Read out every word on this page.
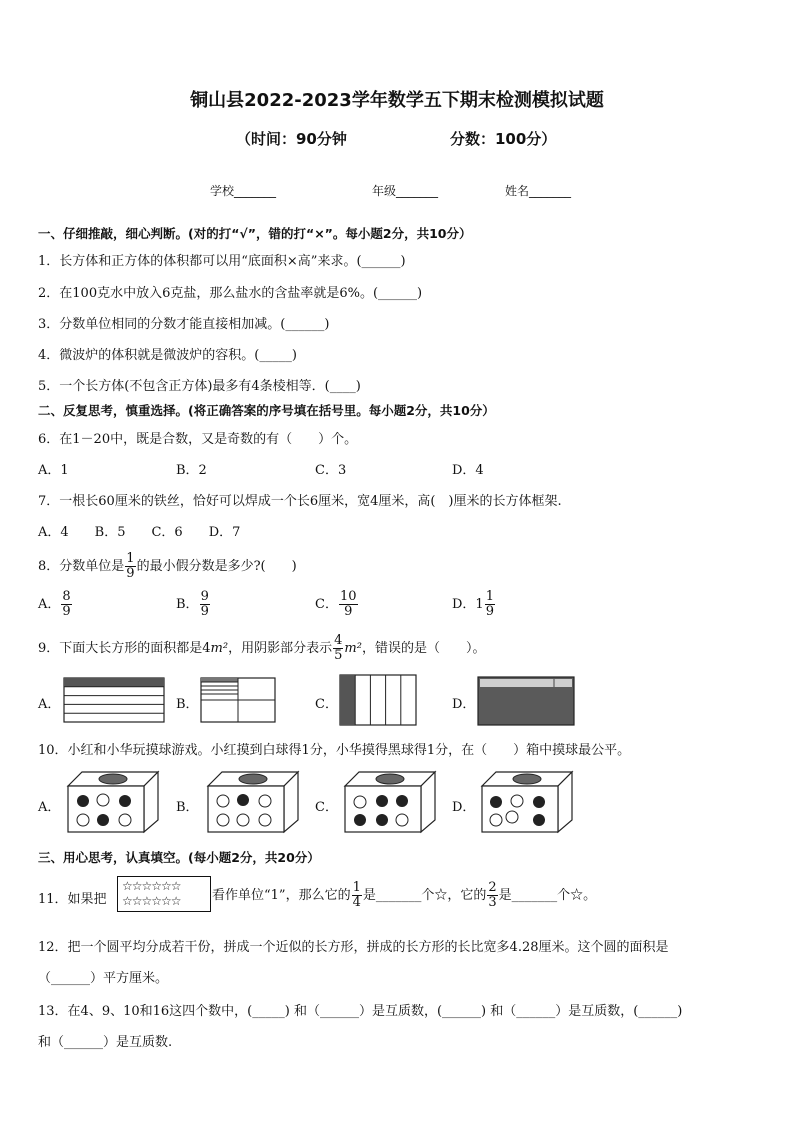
铜山县2022-2023学年数学五下期末检测模拟试题
（时间：90分钟	分数：100分）
学校_______	年级_______	姓名_______
一、仔细推敲，细心判断。(对的打“√”，错的打“×”。每小题2分，共10分）
1．长方体和正方体的体积都可以用“底面积×高”来求。(______)
2．在100克水中放入6克盐，那么盐水的含盐率就是6%。(______)
3．分数单位相同的分数才能直接相加减。(______)
4．微波炉的体积就是微波炉的容积。(_____)
5．一个长方体(不包含正方体)最多有4条棱相等．(____)
二、反复思考，慎重选择。(将正确答案的序号填在括号里。每小题2分，共10分）
6．在1－20中，既是合数，又是奇数的有（　　）个。
A．1	B．2	C．3	D．4
7．一根长60厘米的铁丝，恰好可以焊成一个长6厘米，宽4厘米，高(　)厘米的长方体框架.
A．4　　B．5　　C．6　　D．7
8．分数单位是 $\frac{1}{9}$ 的最小假分数是多少?(　　)
A． $\frac{8}{9}$	B． $\frac{9}{9}$	C． $\frac{10}{9}$	D．$1 \frac{1}{9}$
9．下面大长方形的面积都是4m²，用阴影部分表示 $\frac{4}{5} m^2$，错误的是（　　）。
A．	B．	C．	D．
10．小红和小华玩摸球游戏。小红摸到白球得1分，小华摸得黑球得1分，在（　　）箱中摸球最公平。
A．	B．	C．	D．
三、用心思考，认真填空。(每小题2分，共20分）
11．如果把
☆☆☆☆☆☆
☆☆☆☆☆☆	看作单位“1”，那么它的 $\frac{1}{4}$ 是_______个☆，它的 $\frac{2}{3}$ 是_______个☆。
12．把一个圆平均分成若干份，拼成一个近似的长方形，拼成的长方形的长比宽多4.28厘米。这个圆的面积是
（______）平方厘米。
13．在4、9、10和16这四个数中，(_____) 和（______）是互质数，(______) 和（______）是互质数，(______)
和（______）是互质数.
